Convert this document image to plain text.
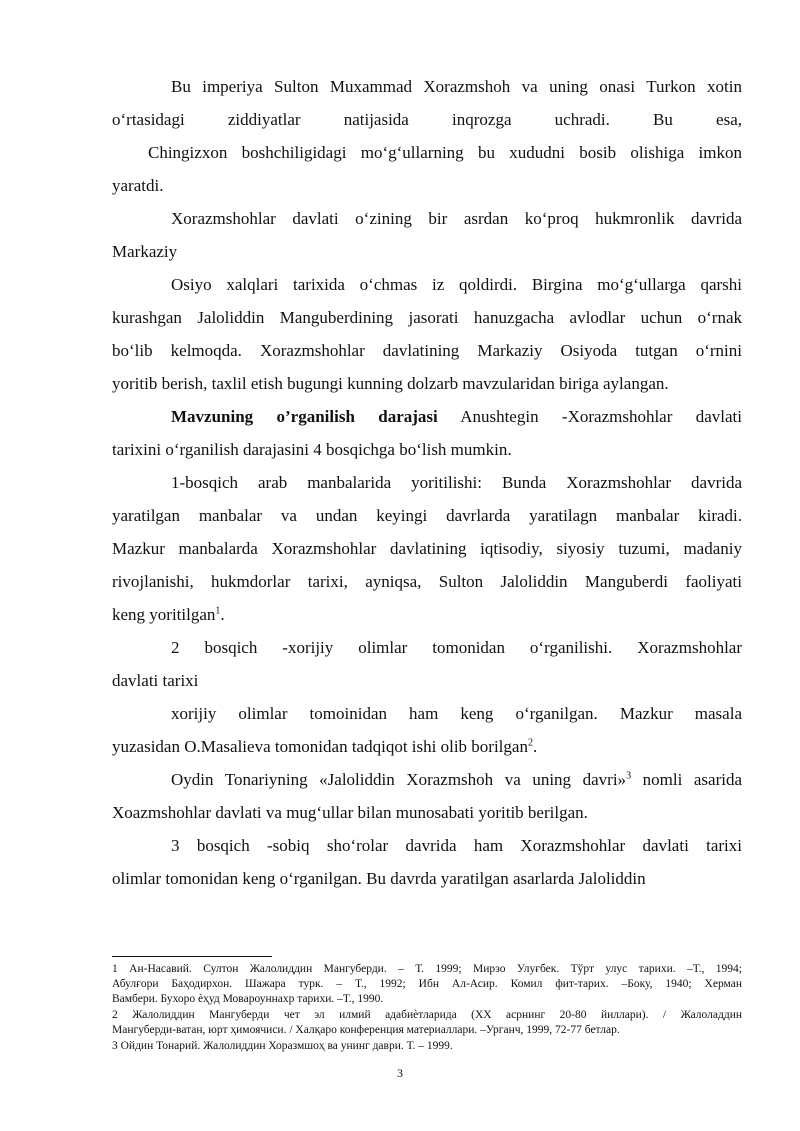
Bu imperiya Sulton Muxammad Xorazmshoh va uning onasi Turkon xotin
oʻrtasidagi ziddiyatlar natijasida inqrozga uchradi. Bu esa,
Chingizxon boshchiligidagi moʻgʻullarning bu xududni bosib olishiga imkon
yaratdi.
Xorazmshohlar davlati oʻzining bir asrdan koʻproq hukmronlik davrida
Markaziy
Osiyo xalqlari tarixida oʻchmas iz qoldirdi. Birgina moʻgʻullarga qarshi
kurashgan Jaloliddin Manguberdining jasorati hanuzgacha avlodlar uchun oʻrnak
boʻlib kelmoqda. Xorazmshohlar davlatining Markaziy Osiyoda tutgan oʻrnini
yoritib berish, taxlil etish bugungi kunning dolzarb mavzularidan biriga aylangan.
Mavzuning o’rganilish darajasi Anushtegin -Xorazmshohlar davlati
tarixini oʻrganilish darajasini 4 bosqichga boʻlish mumkin.
1-bosqich arab manbalarida yoritilishi: Bunda Xorazmshohlar davrida
yaratilgan manbalar va undan keyingi davrlarda yaratilagn manbalar kiradi.
Mazkur manbalarda Xorazmshohlar davlatining iqtisodiy, siyosiy tuzumi, madaniy
rivojlanishi, hukmdorlar tarixi, ayniqsa, Sulton Jaloliddin Manguberdi faoliyati
keng yoritilgan$^1$.
2 bosqich -xorijiy olimlar tomonidan oʻrganilishi. Xorazmshohlar
davlati tarixi
xorijiy olimlar tomoinidan ham keng oʻrganilgan. Mazkur masala
yuzasidan O.Masalieva tomonidan tadqiqot ishi olib borilgan$^2$.
Oydin Tonariyning «Jaloliddin Xorazmshoh va uning davri»$^3$ nomli asarida
Xoazmshohlar davlati va mugʻullar bilan munosabati yoritib berilgan.
3 bosqich -sobiq shoʻrolar davrida ham Xorazmshohlar davlati tarixi
olimlar tomonidan keng oʻrganilgan. Bu davrda yaratilgan asarlarda Jaloliddin
1 Ан-Насавий. Султон Жалолиддин Мангуберди. – Т. 1999; Мирзо Улуғбек. Тўрт улус тарихи. –Т., 1994;
Абулғори Баҳодирхон. Шажара турк. – Т., 1992; Ибн Ал-Асир. Комил фит-тарих. –Боку, 1940; Херман
Вамбери. Бухоро ѐҳуд Мовароуннахр тарихи. –Т., 1990.
2 Жалолиддин Мангуберди чет эл илмий адабиѐтларида (XX асрнинг 20-80 йиллари). / Жалоладдин
Мангуберди-ватан, юрт ҳимоячиси. / Халқаро конференция материаллари. –Урганч, 1999, 72-77 бетлар.
3 Ойдин Тонарий. Жалолиддин Хоразмшоҳ ва унинг даври. Т. – 1999.
3
